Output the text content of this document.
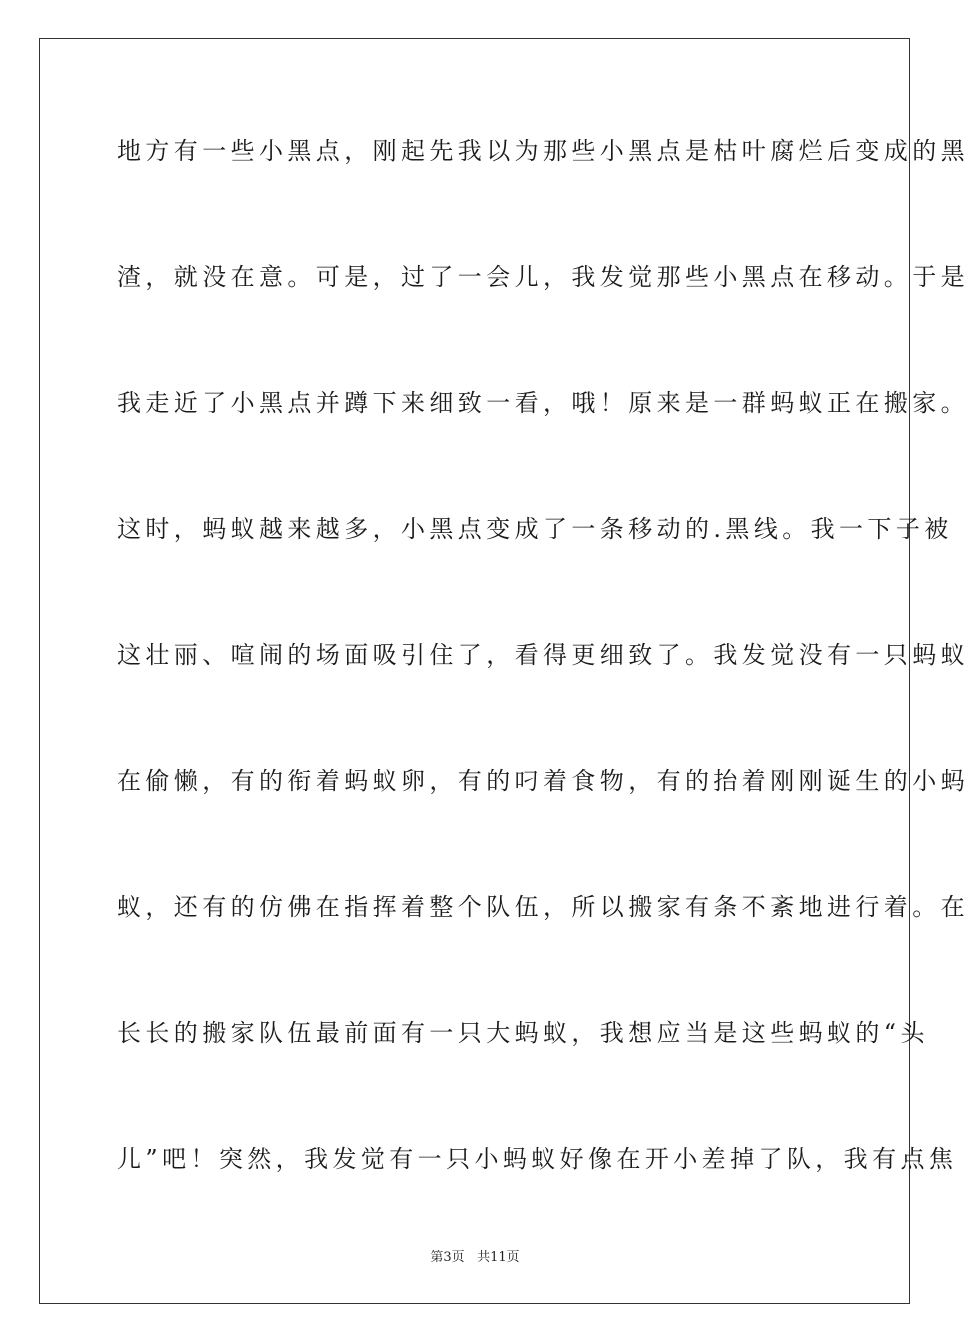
地方有一些小黑点，刚起先我以为那些小黑点是枯叶腐烂后变成的黑
渣，就没在意。可是，过了一会儿，我发觉那些小黑点在移动。于是
我走近了小黑点并蹲下来细致一看，哦！原来是一群蚂蚁正在搬家。
这时，蚂蚁越来越多，小黑点变成了一条移动的.黑线。我一下子被
这壮丽、喧闹的场面吸引住了，看得更细致了。我发觉没有一只蚂蚁
在偷懒，有的衔着蚂蚁卵，有的叼着食物，有的抬着刚刚诞生的小蚂
蚁，还有的仿佛在指挥着整个队伍，所以搬家有条不紊地进行着。在
长长的搬家队伍最前面有一只大蚂蚁，我想应当是这些蚂蚁的“头
儿”吧！突然，我发觉有一只小蚂蚁好像在开小差掉了队，我有点焦
第3页 共11页
